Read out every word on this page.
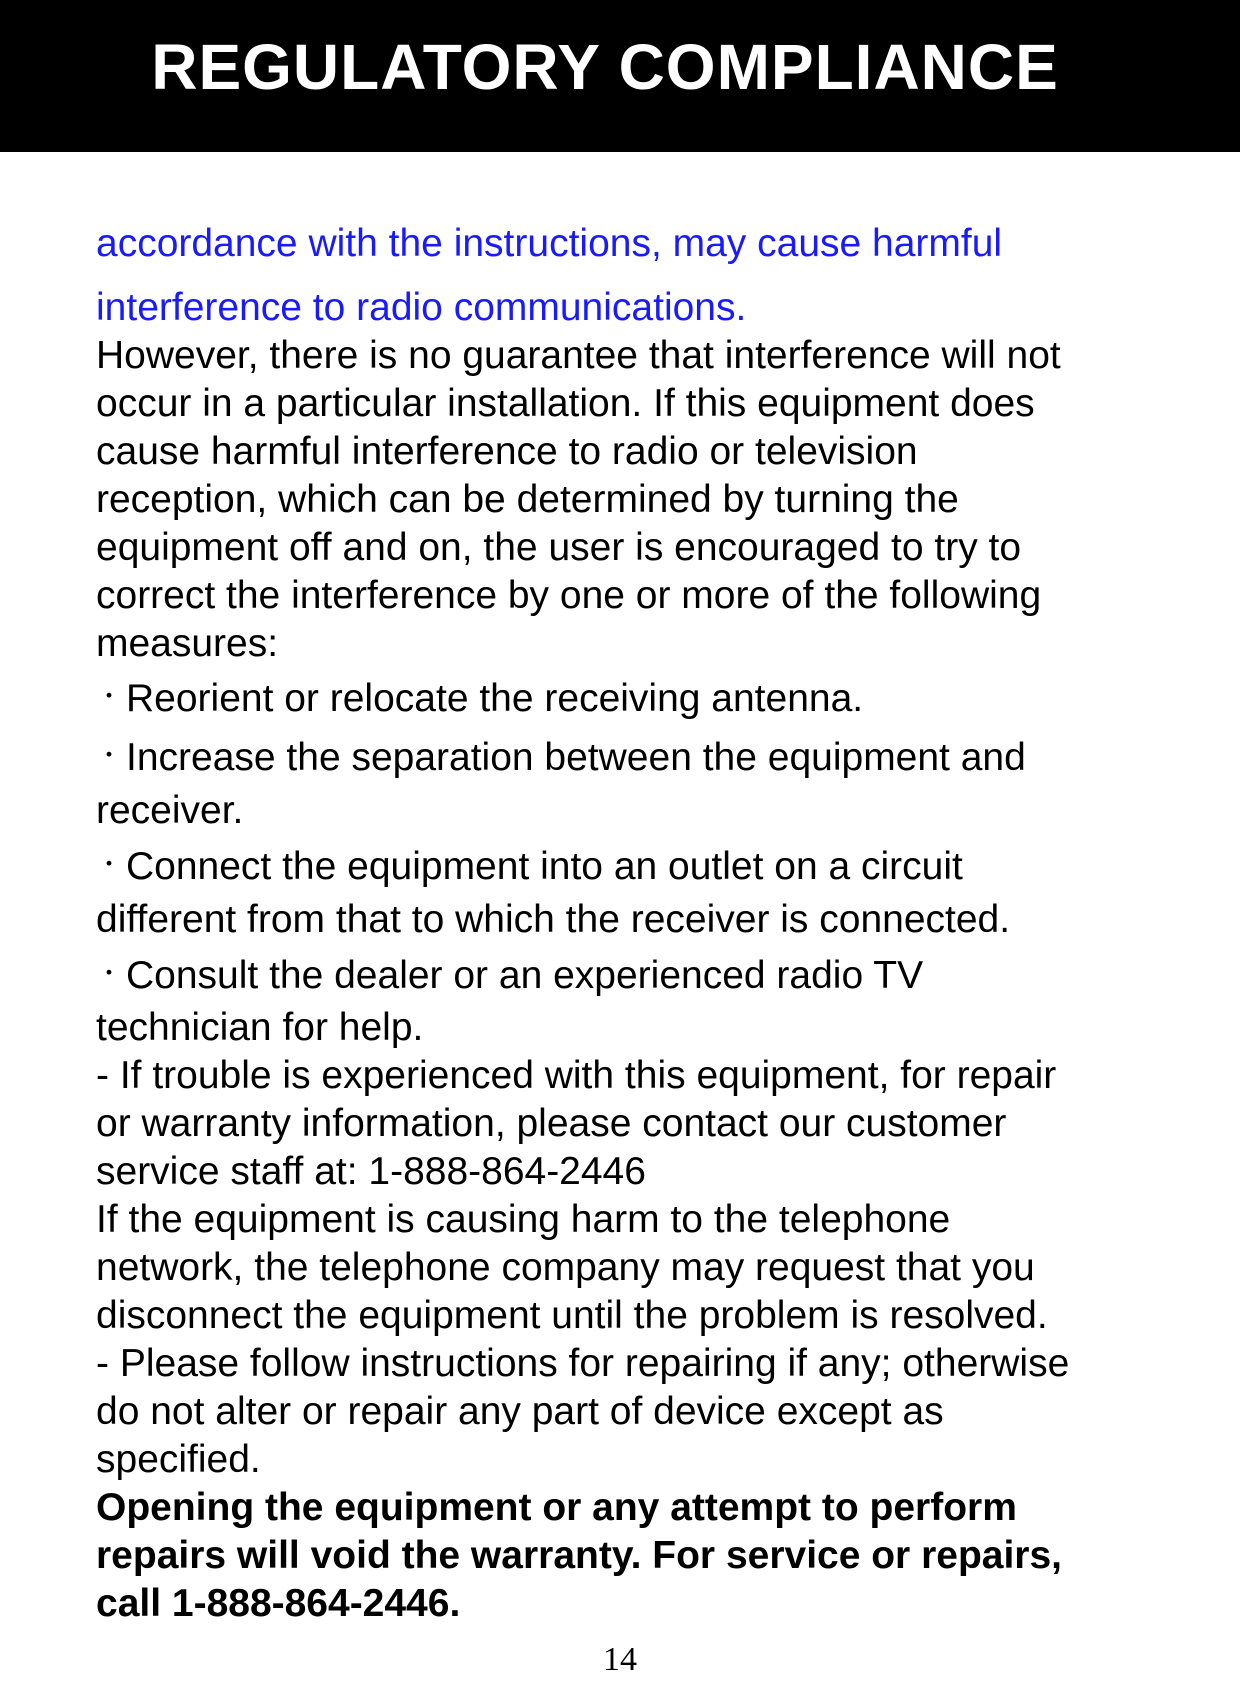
REGULATORY COMPLIANCE
accordance with the instructions, may cause harmful
interference to radio communications.
However, there is no guarantee that interference will not
occur in a particular installation. If this equipment does
cause harmful interference to radio or television
reception, which can be determined by turning the
equipment off and on, the user is encouraged to try to
correct the interference by one or more of the following
measures:
・ Reorient or relocate the receiving antenna.
・ Increase the separation between the equipment and
receiver.
・ Connect the equipment into an outlet on a circuit
different from that to which the receiver is connected.
・ Consult the dealer or an experienced radio TV
technician for help.
- If trouble is experienced with this equipment, for repair
or warranty information, please contact our customer
service staff at: 1-888-864-2446
If the equipment is causing harm to the telephone
network, the telephone company may request that you
disconnect the equipment until the problem is resolved.
- Please follow instructions for repairing if any; otherwise
do not alter or repair any part of device except as
specified.
Opening the equipment or any attempt to perform
repairs will void the warranty. For service or repairs,
call 1-888-864-2446.
14
